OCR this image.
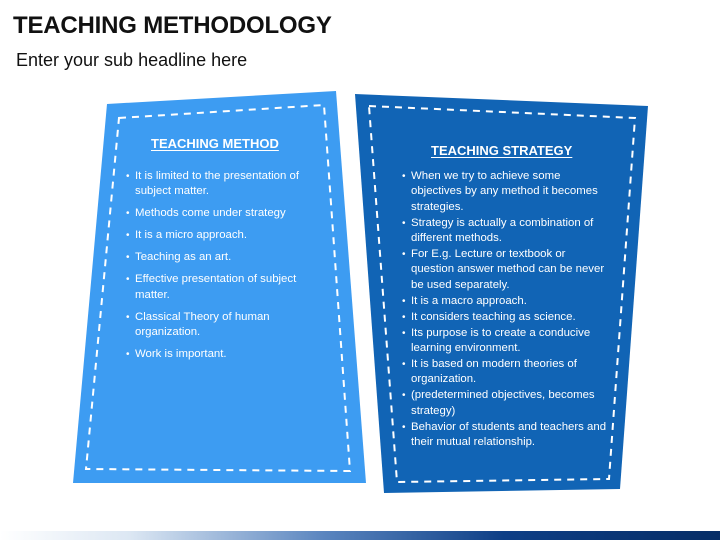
TEACHING METHODOLOGY
Enter your sub headline here
TEACHING METHOD
• It is limited to the presentation of subject matter.
• Methods come under strategy
• It is a micro approach.
• Teaching as an art.
• Effective presentation of subject matter.
• Classical Theory of human organization.
• Work is important.
TEACHING STRATEGY
• When we try to achieve some objectives by any method it becomes strategies.
• Strategy is actually a combination of different methods.
• For E.g. Lecture or textbook or question answer method can be never be used separately.
• It is a macro approach.
• It considers teaching as science.
• Its purpose is to create a conducive learning environment.
• It is based on modern theories of organization.
• (predetermined objectives, becomes strategy)
• Behavior of students and teachers and their mutual relationship.
